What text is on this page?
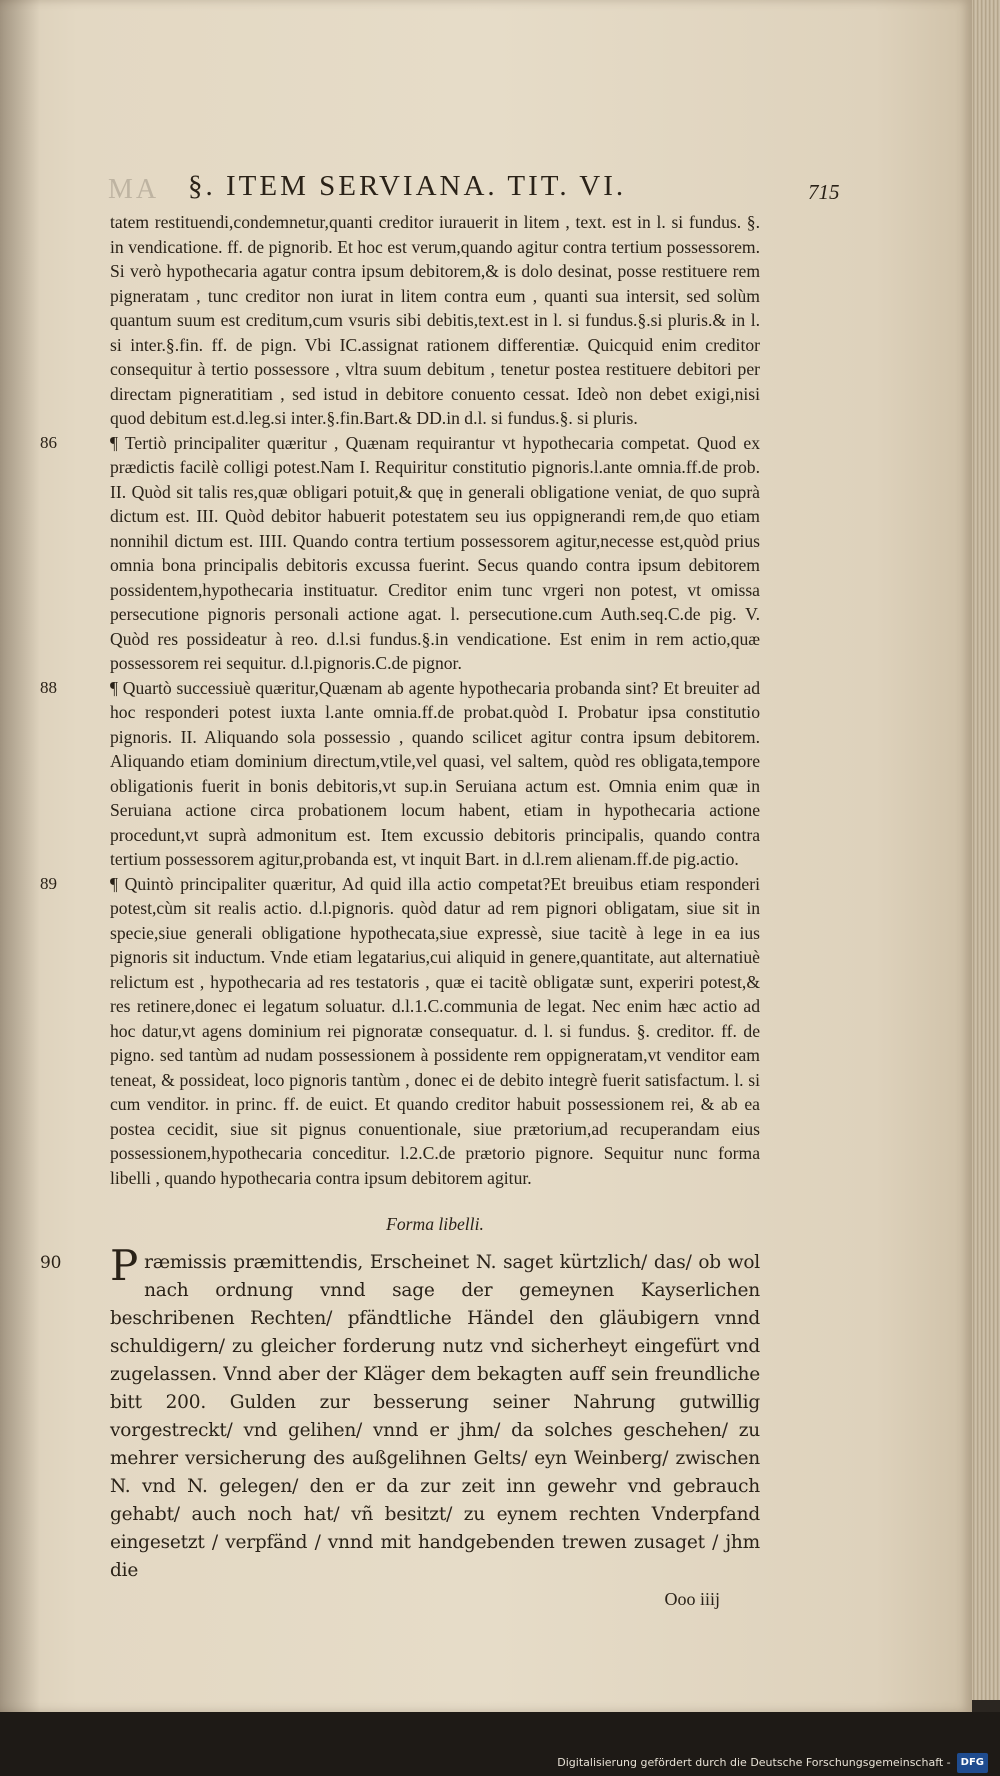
MA §. ITEM SERVIANA. TIT. VI.	715

tatem restituendi,condemnetur,quanti creditor iurauerit in litem , text. est in l. si fundus. §. in vendicatione. ff. de pignorib. Et hoc est verum,quando agitur contra tertium possessorem. Si verò hypothecaria agatur contra ipsum debitorem,& is dolo desinat, posse restituere rem pigneratam , tunc creditor non iurat in litem contra eum , quanti sua intersit, sed solùm quantum suum est creditum,cum vsuris sibi debitis,text.est in l. si fundus.§.si pluris.& in l. si inter.§.fin. ff. de pign. Vbi IC.assignat rationem differentiæ. Quicquid enim creditor consequitur à tertio possessore , vltra suum debitum , tenetur postea restituere debitori per directam pigneratitiam , sed istud in debitore conuento cessat. Ideò non debet exigi,nisi quod debitum est.d.leg.si inter.§.fin.Bart.& DD.in d.l. si fundus.§. si pluris.

86	¶ Tertiò principaliter quæritur , Quænam requirantur vt hypothecaria competat. Quod ex prædictis facilè colligi potest.Nam I. Requiritur constitutio pignoris.l.ante omnia.ff.de prob. II. Quòd sit talis res,quæ obligari potuit,& quę in generali obligatione veniat, de quo suprà dictum est. III. Quòd debitor habuerit potestatem seu ius oppignerandi rem,de quo etiam nonnihil dictum est. IIII. Quando contra tertium possessorem agitur,necesse est,quòd prius omnia bona principalis debitoris excussa fuerint. Secus quando contra ipsum debitorem possidentem,hypothecaria instituatur. Creditor enim tunc vrgeri non potest, vt omissa persecutione pignoris personali actione agat. l. persecutione.cum Auth.seq.C.de pig. V. Quòd res possideatur à reo. d.l.si fundus.§.in vendicatione. Est enim in rem actio,quæ possessorem rei sequitur. d.l.pignoris.C.de pignor.

88	¶ Quartò successiuè quæritur,Quænam ab agente hypothecaria probanda sint? Et breuiter ad hoc responderi potest iuxta l.ante omnia.ff.de probat.quòd I. Probatur ipsa constitutio pignoris. II. Aliquando sola possessio , quando scilicet agitur contra ipsum debitorem. Aliquando etiam dominium directum,vtile,vel quasi, vel saltem, quòd res obligata,tempore obligationis fuerit in bonis debitoris,vt sup.in Seruiana actum est. Omnia enim quæ in Seruiana actione circa probationem locum habent, etiam in hypothecaria actione procedunt,vt suprà admonitum est. Item excussio debitoris principalis, quando contra tertium possessorem agitur,probanda est, vt inquit Bart. in d.l.rem alienam.ff.de pig.actio.

89	¶ Quintò principaliter quæritur, Ad quid illa actio competat?Et breuibus etiam responderi potest,cùm sit realis actio. d.l.pignoris. quòd datur ad rem pignori obligatam, siue sit in specie,siue generali obligatione hypothecata,siue expressè, siue tacitè à lege in ea ius pignoris sit inductum. Vnde etiam legatarius,cui aliquid in genere,quantitate, aut alternatiuè relictum est , hypothecaria ad res testatoris , quæ ei tacitè obligatæ sunt, experiri potest,& res retinere,donec ei legatum soluatur. d.l.1.C.communia de legat. Nec enim hæc actio ad hoc datur,vt agens dominium rei pignoratæ consequatur. d. l. si fundus. §. creditor. ff. de pigno. sed tantùm ad nudam possessionem à possidente rem oppigneratam,vt venditor eam teneat, & possideat, loco pignoris tantùm , donec ei de debito integrè fuerit satisfactum. l. si cum venditor. in princ. ff. de euict. Et quando creditor habuit possessionem rei, & ab ea postea cecidit, siue sit pignus conuentionale, siue prætorium,ad recuperandam eius possessionem,hypothecaria conceditur. l.2.C.de prætorio pignore. Sequitur nunc forma libelli , quando hypothecaria contra ipsum debitorem agitur.

Forma libelli.

90 P ræmissis præmittendis, Erscheinet N. saget kürtzlich/ das/ ob wol nach ordnung vnnd sage der gemeynen Kayserlichen beschribenen Rechten/ pfändtliche Händel den gläubigern vnnd schuldigern/ zu gleicher forderung nutz vnd sicherheyt eingefürt vnd zugelassen. Vnnd aber der Kläger dem bekagten auff sein freundliche bitt 200. Gulden zur besserung seiner Nahrung gutwillig vorgestreckt/ vnd gelihen/ vnnd er jhm/ da solches geschehen/ zu mehrer versicherung des außgelihnen Gelts/ eyn Weinberg/ zwischen N. vnd N. gelegen/ den er da zur zeit inn gewehr vnd gebrauch gehabt/ auch noch hat/ vñ besitzt/ zu eynem rechten Vnderpfand eingesetzt / verpfänd / vnnd mit handgebenden trewen zusaget / jhm die

Ooo iiij
Digitalisierung gefördert durch die Deutsche Forschungsgemeinschaft -	DFG
